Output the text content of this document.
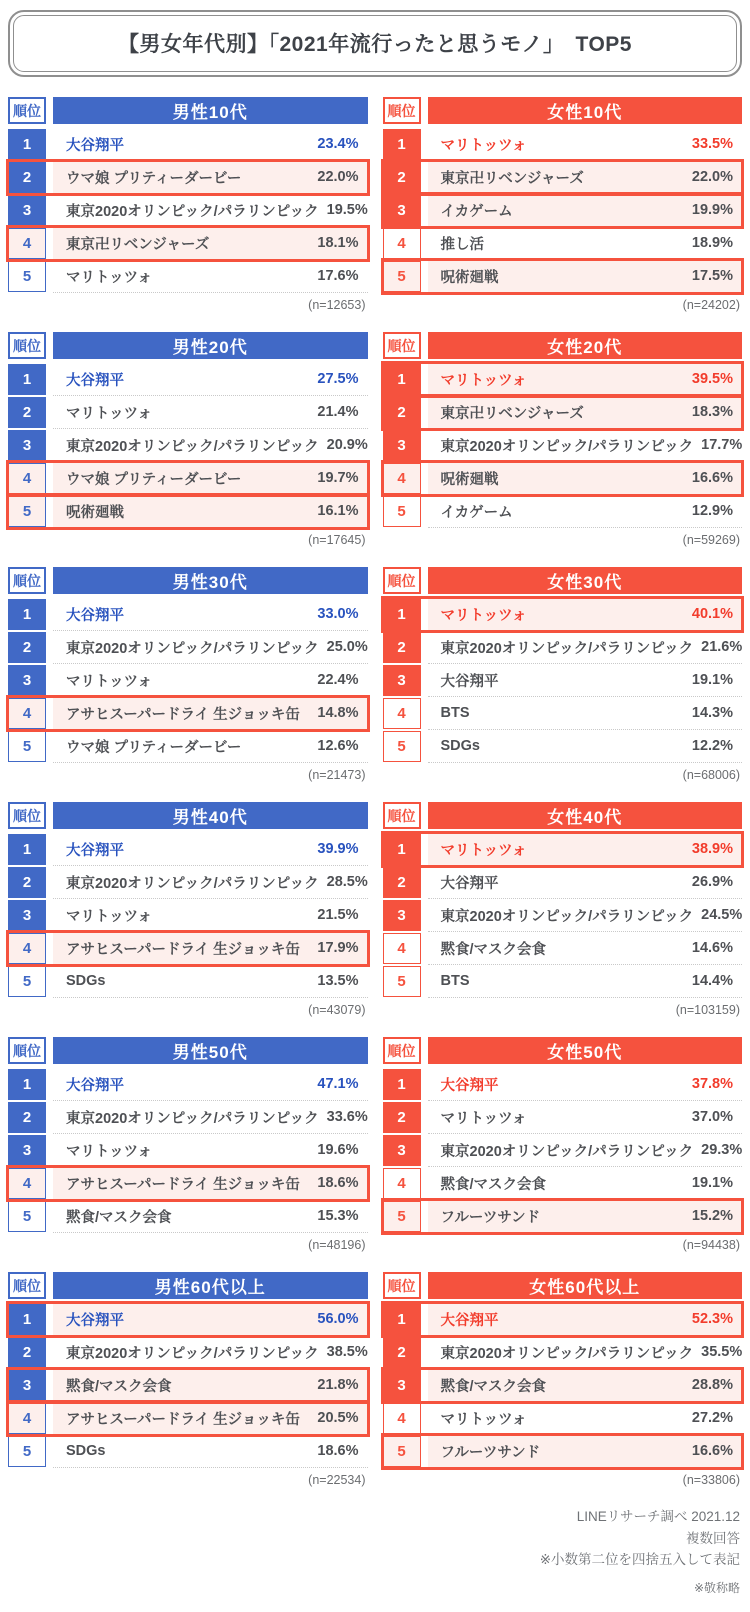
【男女年代別】「2021年流行ったと思うモノ」　TOP5
順位	男性10代
1	大谷翔平	23.4%
2	ウマ娘 プリティーダービー	22.0%
3	東京2020オリンピック/パラリンピック 19.5%
4	東京卍リベンジャーズ	18.1%
5	マリトッツォ	17.6%
(n=12653)
順位	女性10代
1	マリトッツォ	33.5%
2	東京卍リベンジャーズ	22.0%
3	イカゲーム	19.9%
4	推し活	18.9%
5	呪術廻戦	17.5%
(n=24202)
順位	男性20代
1	大谷翔平	27.5%
2	マリトッツォ	21.4%
3	東京2020オリンピック/パラリンピック 20.9%
4	ウマ娘 プリティーダービー	19.7%
5	呪術廻戦	16.1%
(n=17645)
順位	女性20代
1	マリトッツォ	39.5%
2	東京卍リベンジャーズ	18.3%
3	東京2020オリンピック/パラリンピック 17.7%
4	呪術廻戦	16.6%
5	イカゲーム	12.9%
(n=59269)
順位	男性30代
1	大谷翔平	33.0%
2	東京2020オリンピック/パラリンピック 25.0%
3	マリトッツォ	22.4%
4	アサヒスーパードライ 生ジョッキ缶 14.8%
5	ウマ娘 プリティーダービー	12.6%
(n=21473)
順位	女性30代
1	マリトッツォ	40.1%
2	東京2020オリンピック/パラリンピック 21.6%
3	大谷翔平	19.1%
4	BTS	14.3%
5	SDGs	12.2%
(n=68006)
順位	男性40代
1	大谷翔平	39.9%
2	東京2020オリンピック/パラリンピック 28.5%
3	マリトッツォ	21.5%
4	アサヒスーパードライ 生ジョッキ缶 17.9%
5	SDGs	13.5%
(n=43079)
順位	女性40代
1	マリトッツォ	38.9%
2	大谷翔平	26.9%
3	東京2020オリンピック/パラリンピック 24.5%
4	黙食/マスク会食	14.6%
5	BTS	14.4%
(n=103159)
順位	男性50代
1	大谷翔平	47.1%
2	東京2020オリンピック/パラリンピック 33.6%
3	マリトッツォ	19.6%
4	アサヒスーパードライ 生ジョッキ缶 18.6%
5	黙食/マスク会食	15.3%
(n=48196)
順位	女性50代
1	大谷翔平	37.8%
2	マリトッツォ	37.0%
3	東京2020オリンピック/パラリンピック 29.3%
4	黙食/マスク会食	19.1%
5	フルーツサンド	15.2%
(n=94438)
順位	男性60代以上
1	大谷翔平	56.0%
2	東京2020オリンピック/パラリンピック 38.5%
3	黙食/マスク会食	21.8%
4	アサヒスーパードライ 生ジョッキ缶 20.5%
5	SDGs	18.6%
(n=22534)
順位	女性60代以上
1	大谷翔平	52.3%
2	東京2020オリンピック/パラリンピック 35.5%
3	黙食/マスク会食	28.8%
4	マリトッツォ	27.2%
5	フルーツサンド	16.6%
(n=33806)
LINEリサーチ調べ 2021.12
複数回答
※小数第二位を四捨五入して表記
※敬称略
